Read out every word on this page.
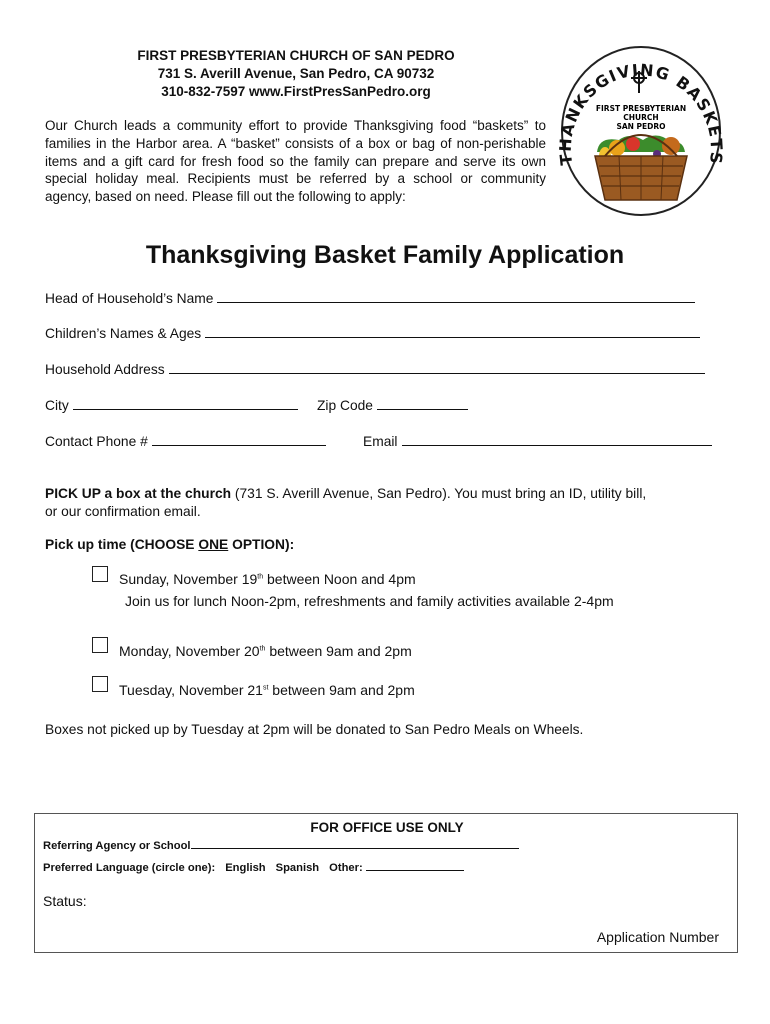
FIRST PRESBYTERIAN CHURCH OF SAN PEDRO
731 S. Averill Avenue, San Pedro, CA 90732
310-832-7597 www.FirstPresSanPedro.org
ANKSGIVING BASK
FIRST PRESBYTERIAN
CHURCH
SAN PEDRO
Our Church leads a community effort to provide Thanksgiving food “baskets” to families in the Harbor area. A “basket” consists of a box or bag of non-perishable items and a gift card for fresh food so the family can prepare and serve its own special holiday meal. Recipients must be referred by a school or community agency, based on need. Please fill out the following to apply:
Thanksgiving Basket Family Application
Head of Household’s Name
Children’s Names & Ages
Household Address
City	Zip Code
Contact Phone #	Email
PICK UP a box at the church (731 S. Averill Avenue, San Pedro). You must bring an ID, utility bill,
or our confirmation email.
Pick up time (CHOOSE ONE OPTION):
Sunday, November 19th between Noon and 4pm
Join us for lunch Noon-2pm, refreshments and family activities available 2-4pm
Monday, November 20th between 9am and 2pm
Tuesday, November 21st between 9am and 2pm
Boxes not picked up by Tuesday at 2pm will be donated to San Pedro Meals on Wheels.
FOR OFFICE USE ONLY
Referring Agency or School
Preferred Language (circle one): English Spanish Other:
Status:
Application Number
